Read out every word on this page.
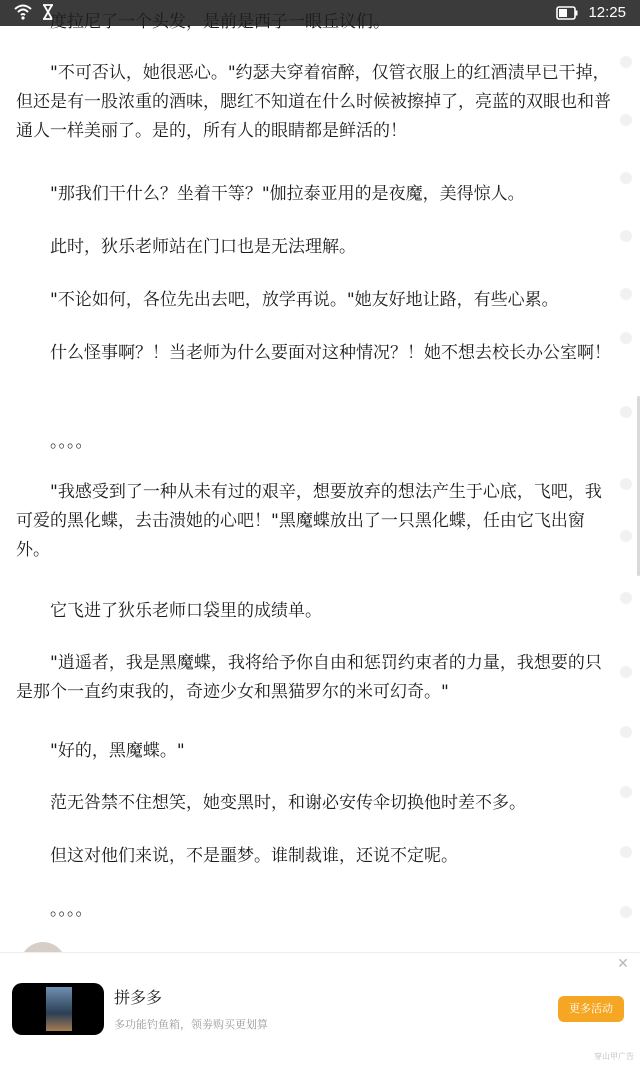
12:25
度拉尼了一个头发，是前是西子一眼丘议们。

"不可否认，她很恶心。"约瑟夫穿着宿醉，仅管衣服上的红酒渍早已干掉，但还是有一股浓重的酒味，腮红不知道在什么时候被擦掉了，亮蓝的双眼也和普通人一样美丽了。是的，所有人的眼睛都是鲜活的！

"那我们干什么？坐着干等？"伽拉泰亚用的是夜魔，美得惊人。

此时，狄乐老师站在门口也是无法理解。

"不论如何，各位先出去吧，放学再说。"她友好地让路，有些心累。

什么怪事啊？！当老师为什么要面对这种情况？！她不想去校长办公室啊！

。。。。

"我感受到了一种从未有过的艰辛，想要放弃的想法产生于心底，飞吧，我可爱的黑化蝶，去击溃她的心吧！"黑魔蝶放出了一只黑化蝶，任由它飞出窗外。

它飞进了狄乐老师口袋里的成绩单。

"逍遥者，我是黑魔蝶，我将给予你自由和惩罚约束者的力量，我想要的只是那个一直约束我的，奇迹少女和黑猫罗尔的米可幻奇。"

"好的，黑魔蝶。"

范无咎禁不住想笑，她变黑时，和谢必安传伞切换他时差不多。

但这对他们来说，不是噩梦。谁制裁谁，还说不定呢。

。。。。

✕
拼多多
多功能钓鱼箱，领劵购买更划算
更多活动
穿山甲广告
